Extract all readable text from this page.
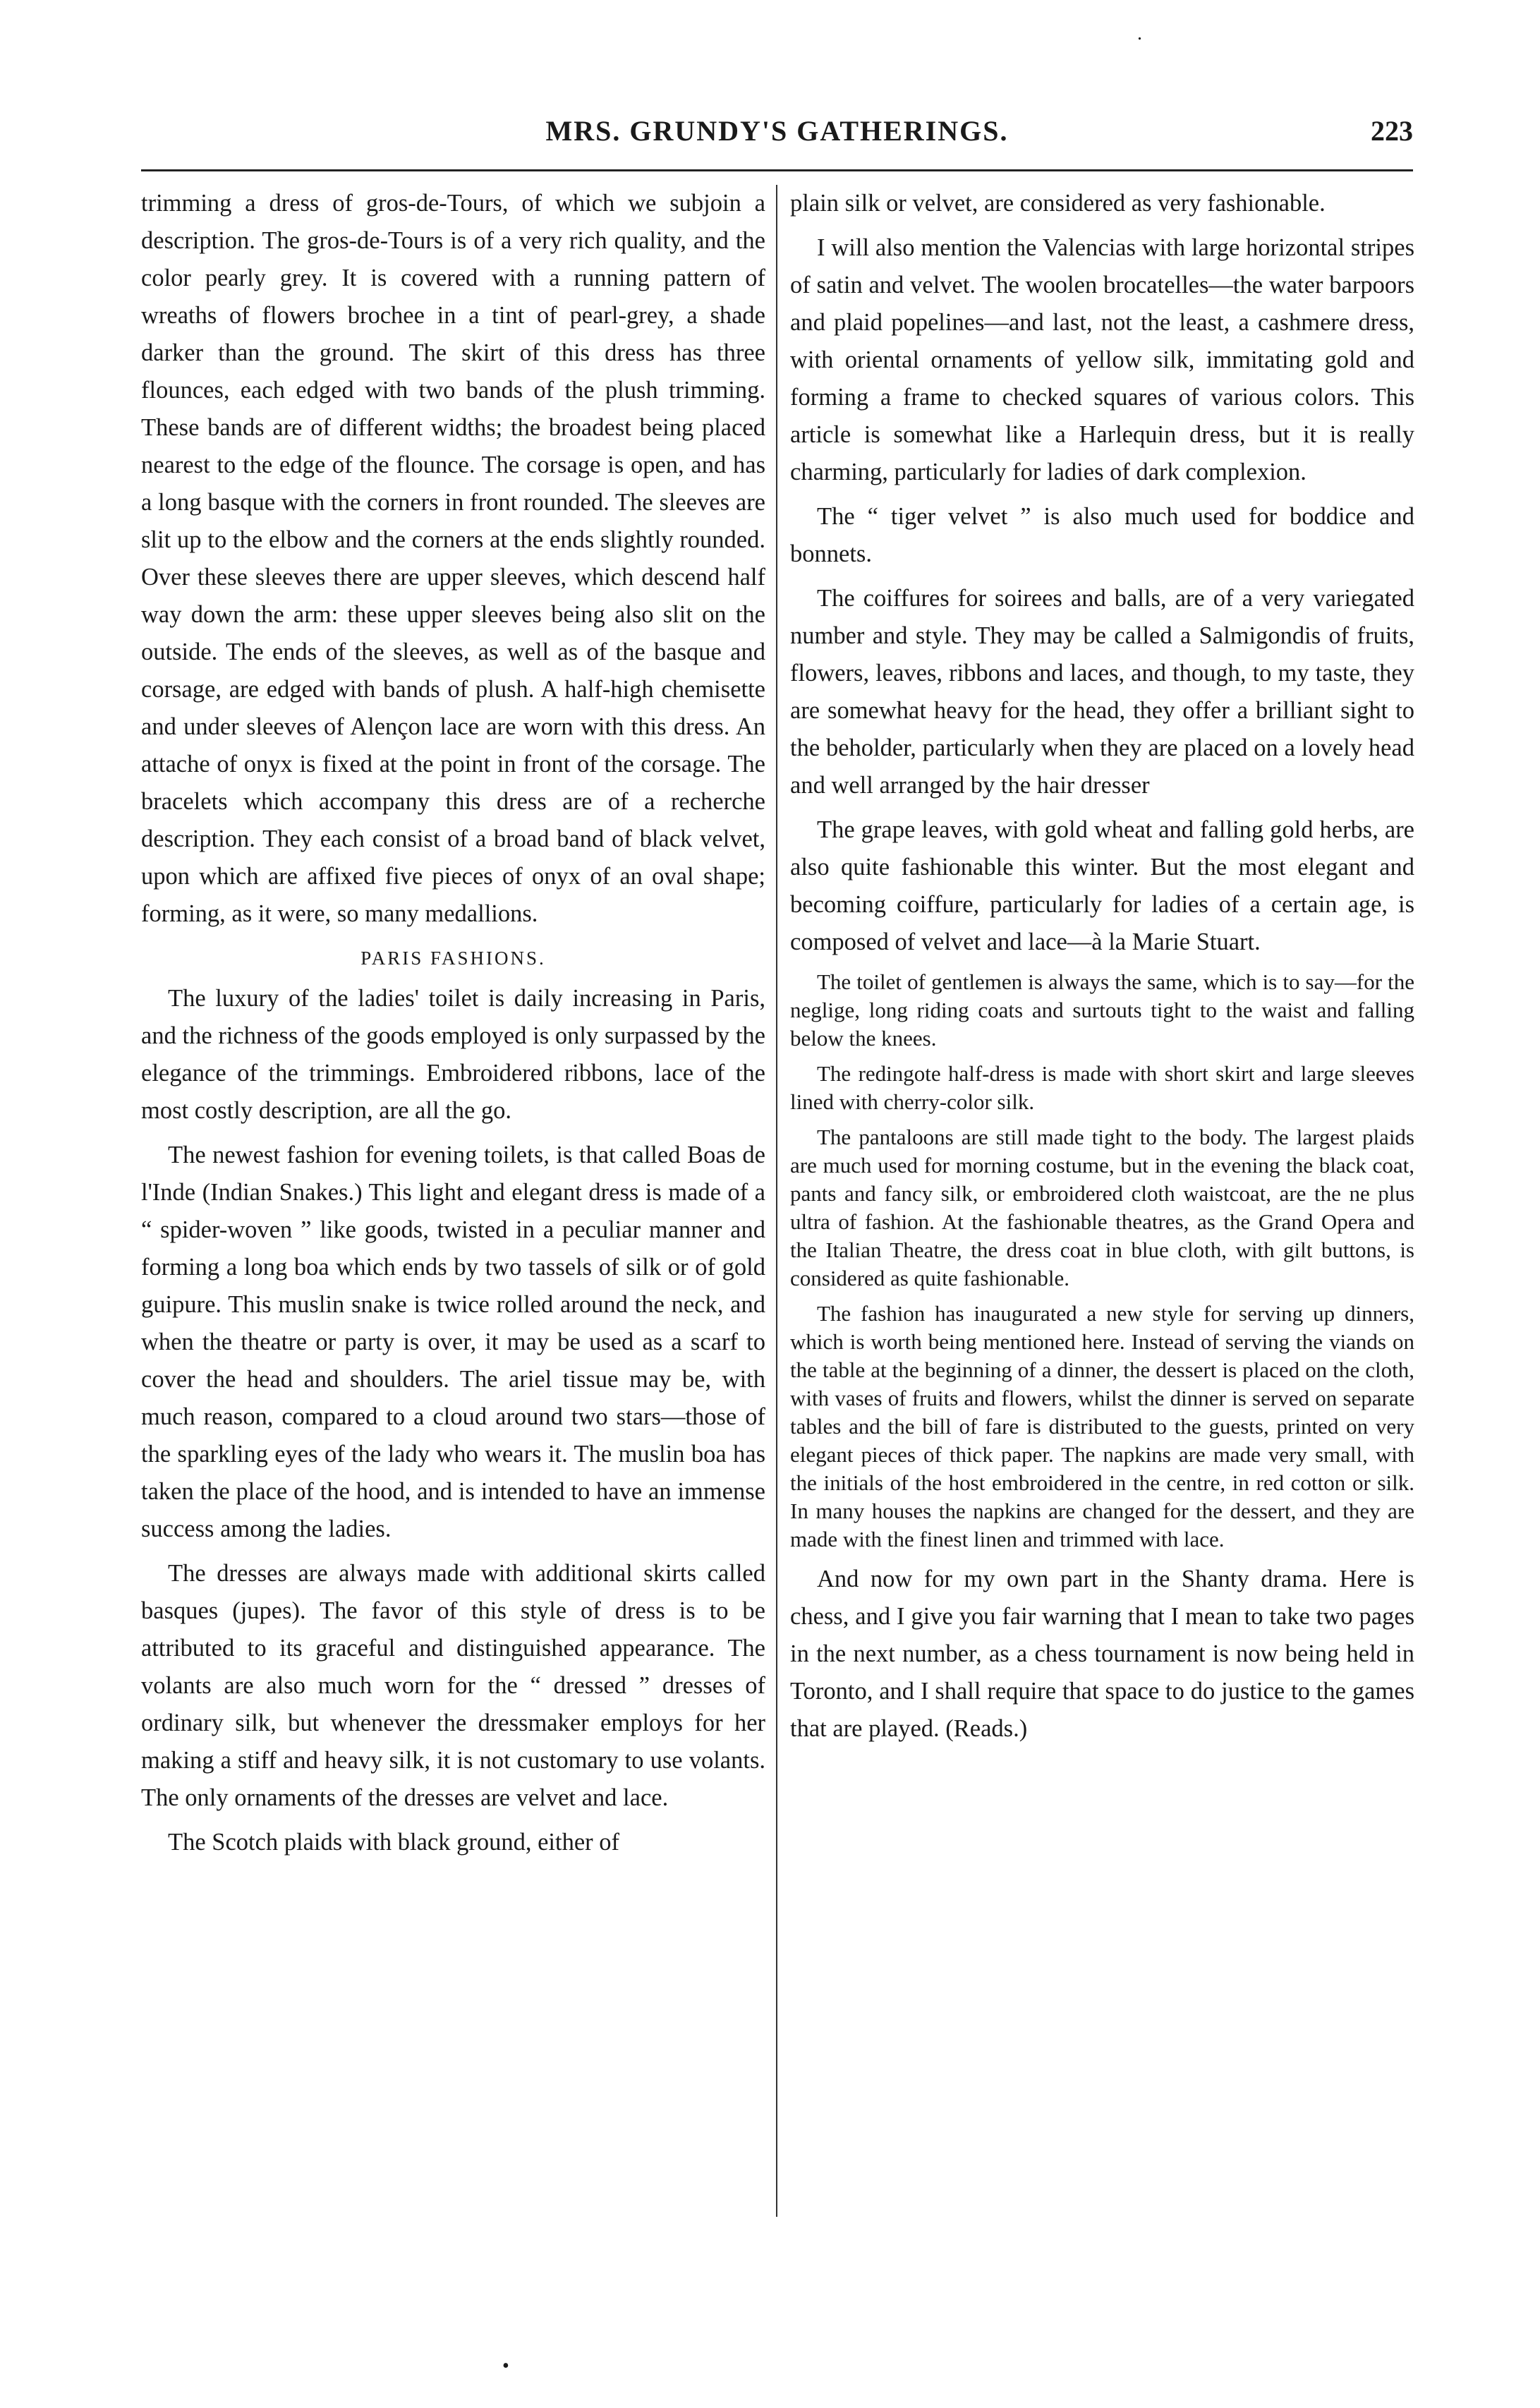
.
MRS. GRUNDY'S GATHERINGS.	223

trimming a dress of gros-de-Tours, of which we subjoin a description. The gros-de-Tours is of a very rich quality, and the color pearly grey. It is covered with a running pattern of wreaths of flowers brochee in a tint of pearl-grey, a shade darker than the ground. The skirt of this dress has three flounces, each edged with two bands of the plush trimming. These bands are of different widths; the broadest being placed nearest to the edge of the flounce. The corsage is open, and has a long basque with the corners in front rounded. The sleeves are slit up to the elbow and the corners at the ends slightly rounded. Over these sleeves there are upper sleeves, which descend half way down the arm: these upper sleeves being also slit on the outside. The ends of the sleeves, as well as of the basque and corsage, are edged with bands of plush. A half-high chemisette and under sleeves of Alençon lace are worn with this dress. An attache of onyx is fixed at the point in front of the corsage. The bracelets which accompany this dress are of a recherche description. They each consist of a broad band of black velvet, upon which are affixed five pieces of onyx of an oval shape; forming, as it were, so many medallions.

PARIS FASHIONS.

The luxury of the ladies' toilet is daily increasing in Paris, and the richness of the goods employed is only surpassed by the elegance of the trimmings. Embroidered ribbons, lace of the most costly description, are all the go.

The newest fashion for evening toilets, is that called Boas de l'Inde (Indian Snakes.) This light and elegant dress is made of a “ spider-woven ” like goods, twisted in a peculiar manner and forming a long boa which ends by two tassels of silk or of gold guipure. This muslin snake is twice rolled around the neck, and when the theatre or party is over, it may be used as a scarf to cover the head and shoulders. The ariel tissue may be, with much reason, compared to a cloud around two stars—those of the sparkling eyes of the lady who wears it. The muslin boa has taken the place of the hood, and is intended to have an immense success among the ladies.

The dresses are always made with additional skirts called basques (jupes). The favor of this style of dress is to be attributed to its graceful and distinguished appearance. The volants are also much worn for the “ dressed ” dresses of ordinary silk, but whenever the dressmaker employs for her making a stiff and heavy silk, it is not customary to use volants. The only ornaments of the dresses are velvet and lace.

The Scotch plaids with black ground, either of

plain silk or velvet, are considered as very fashionable.

I will also mention the Valencias with large horizontal stripes of satin and velvet. The woolen brocatelles—the water barpoors and plaid popelines—and last, not the least, a cashmere dress, with oriental ornaments of yellow silk, immitating gold and forming a frame to checked squares of various colors. This article is somewhat like a Harlequin dress, but it is really charming, particularly for ladies of dark complexion.

The “ tiger velvet ” is also much used for boddice and bonnets.

The coiffures for soirees and balls, are of a very variegated number and style. They may be called a Salmigondis of fruits, flowers, leaves, ribbons and laces, and though, to my taste, they are somewhat heavy for the head, they offer a brilliant sight to the beholder, particularly when they are placed on a lovely head and well arranged by the hair dresser

The grape leaves, with gold wheat and falling gold herbs, are also quite fashionable this winter. But the most elegant and becoming coiffure, particularly for ladies of a certain age, is composed of velvet and lace—à la Marie Stuart.

The toilet of gentlemen is always the same, which is to say—for the neglige, long riding coats and surtouts tight to the waist and falling below the knees.

The redingote half-dress is made with short skirt and large sleeves lined with cherry-color silk.

The pantaloons are still made tight to the body. The largest plaids are much used for morning costume, but in the evening the black coat, pants and fancy silk, or embroidered cloth waistcoat, are the ne plus ultra of fashion. At the fashionable theatres, as the Grand Opera and the Italian Theatre, the dress coat in blue cloth, with gilt buttons, is considered as quite fashionable.

The fashion has inaugurated a new style for serving up dinners, which is worth being mentioned here. Instead of serving the viands on the table at the beginning of a dinner, the dessert is placed on the cloth, with vases of fruits and flowers, whilst the dinner is served on separate tables and the bill of fare is distributed to the guests, printed on very elegant pieces of thick paper. The napkins are made very small, with the initials of the host embroidered in the centre, in red cotton or silk. In many houses the napkins are changed for the dessert, and they are made with the finest linen and trimmed with lace.

And now for my own part in the Shanty drama. Here is chess, and I give you fair warning that I mean to take two pages in the next number, as a chess tournament is now being held in Toronto, and I shall require that space to do justice to the games that are played. (Reads.)

•
